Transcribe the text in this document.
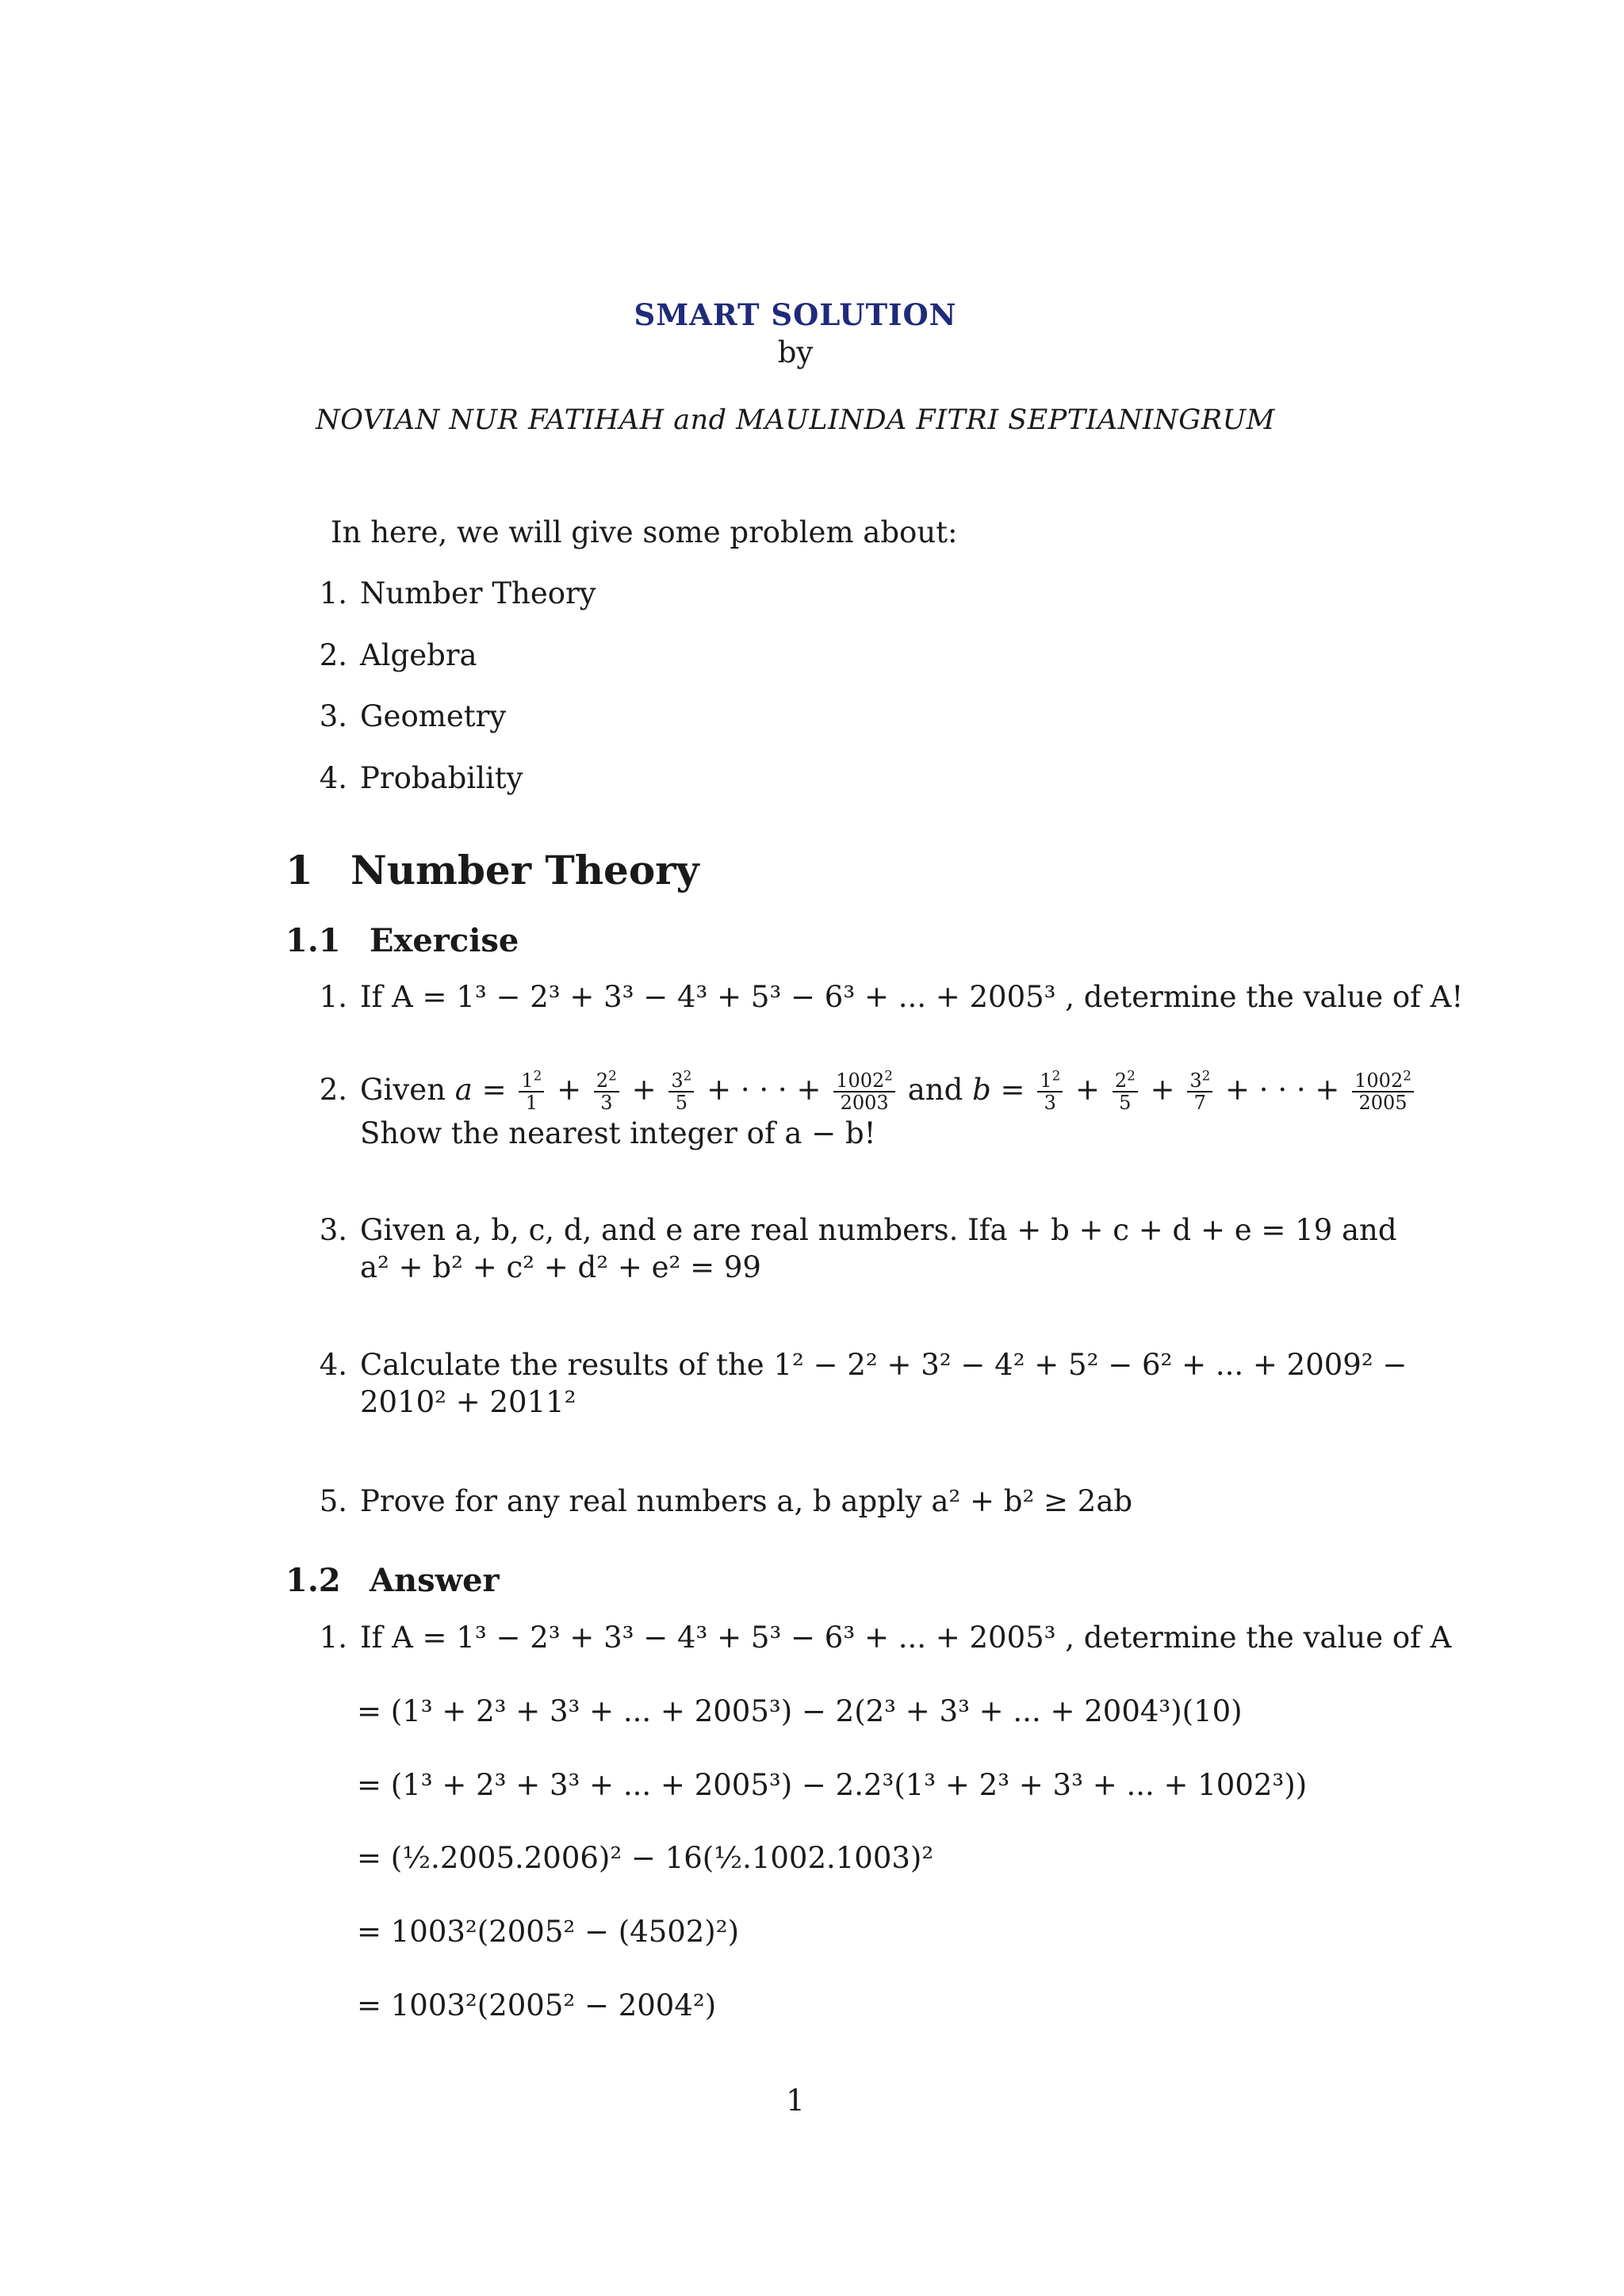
SMART SOLUTION
by
NOVIAN NUR FATIHAH and MAULINDA FITRI SEPTIANINGRUM
In here, we will give some problem about:
1. Number Theory
2. Algebra
3. Geometry
4. Probability
1 Number Theory
1.1 Exercise
1. If A = 1³ − 2³ + 3³ − 4³ + 5³ − 6³ + ... + 2005³ , determine the value of A!
2. Given $a = \frac{1^2}{1} + \frac{2^2}{3} + \frac{3^2}{5}$ + · · · + $\frac{1002^2}{2003}$ and $b = \frac{1^2}{3} + \frac{2^2}{5} + \frac{3^2}{7}$ + · · · + $\frac{1002^2}{2005}$
Show the nearest integer of a − b!
3. Given a, b, c, d, and e are real numbers. Ifa + b + c + d + e = 19 and
a² + b² + c² + d² + e² = 99
4. Calculate the results of the 1² − 2² + 3² − 4² + 5² − 6² + ... + 2009² −
2010² + 2011²
5. Prove for any real numbers a, b apply a² + b² ≥ 2ab
1.2 Answer
1. If A = 1³ − 2³ + 3³ − 4³ + 5³ − 6³ + ... + 2005³ , determine the value of A
= (1³ + 2³ + 3³ + ... + 2005³) − 2(2³ + 3³ + ... + 2004³)(10)
= (1³ + 2³ + 3³ + ... + 2005³) − 2.2³(1³ + 2³ + 3³ + ... + 1002³))
= (½.2005.2006)² − 16(½.1002.1003)²
= 1003²(2005² − (4502)²)
= 1003²(2005² − 2004²)
1
